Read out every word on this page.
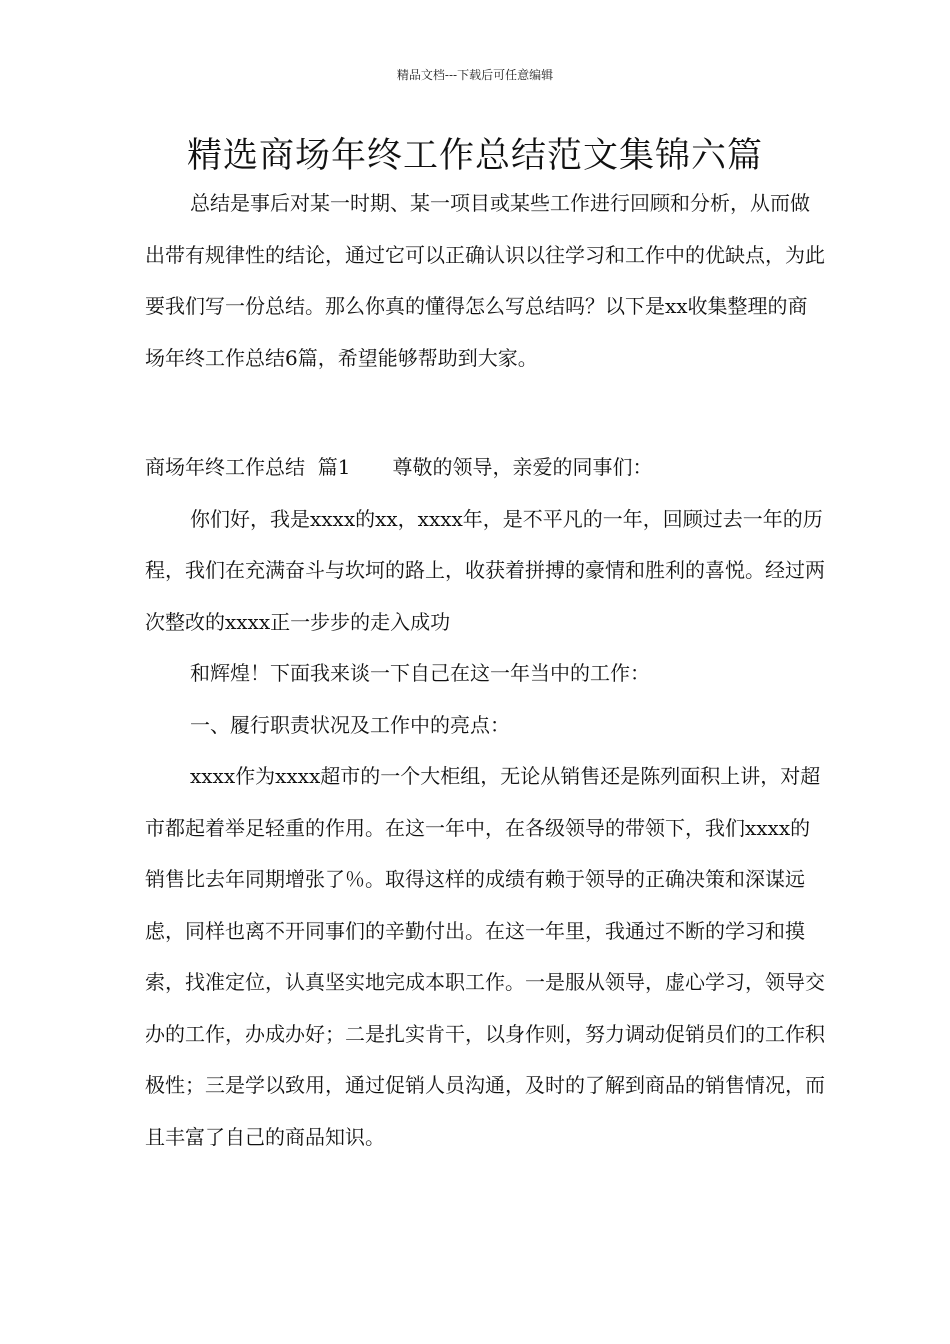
精品文档---下载后可任意编辑
精选商场年终工作总结范文集锦六篇

总结是事后对某一时期、某一项目或某些工作进行回顾和分析，从而做出带有规律性的结论，通过它可以正确认识以往学习和工作中的优缺点，为此要我们写一份总结。那么你真的懂得怎么写总结吗？以下是xx收集整理的商场年终工作总结6篇，希望能够帮助到大家。

商场年终工作总结  篇1 尊敬的领导，亲爱的同事们：

你们好，我是xxxx的xx，xxxx年，是不平凡的一年，回顾过去一年的历程，我们在充满奋斗与坎坷的路上，收获着拼搏的豪情和胜利的喜悦。经过两次整改的xxxx正一步步的走入成功

和辉煌！下面我来谈一下自己在这一年当中的工作：

一、履行职责状况及工作中的亮点：

xxxx作为xxxx超市的一个大柜组，无论从销售还是陈列面积上讲，对超市都起着举足轻重的作用。在这一年中，在各级领导的带领下，我们xxxx的销售比去年同期增张了％。取得这样的成绩有赖于领导的正确决策和深谋远虑，同样也离不开同事们的辛勤付出。在这一年里，我通过不断的学习和摸索，找准定位，认真坚实地完成本职工作。一是服从领导，虚心学习，领导交办的工作，办成办好；二是扎实肯干，以身作则，努力调动促销员们的工作积极性；三是学以致用，通过促销人员沟通，及时的了解到商品的销售情况，而且丰富了自己的商品知识。
